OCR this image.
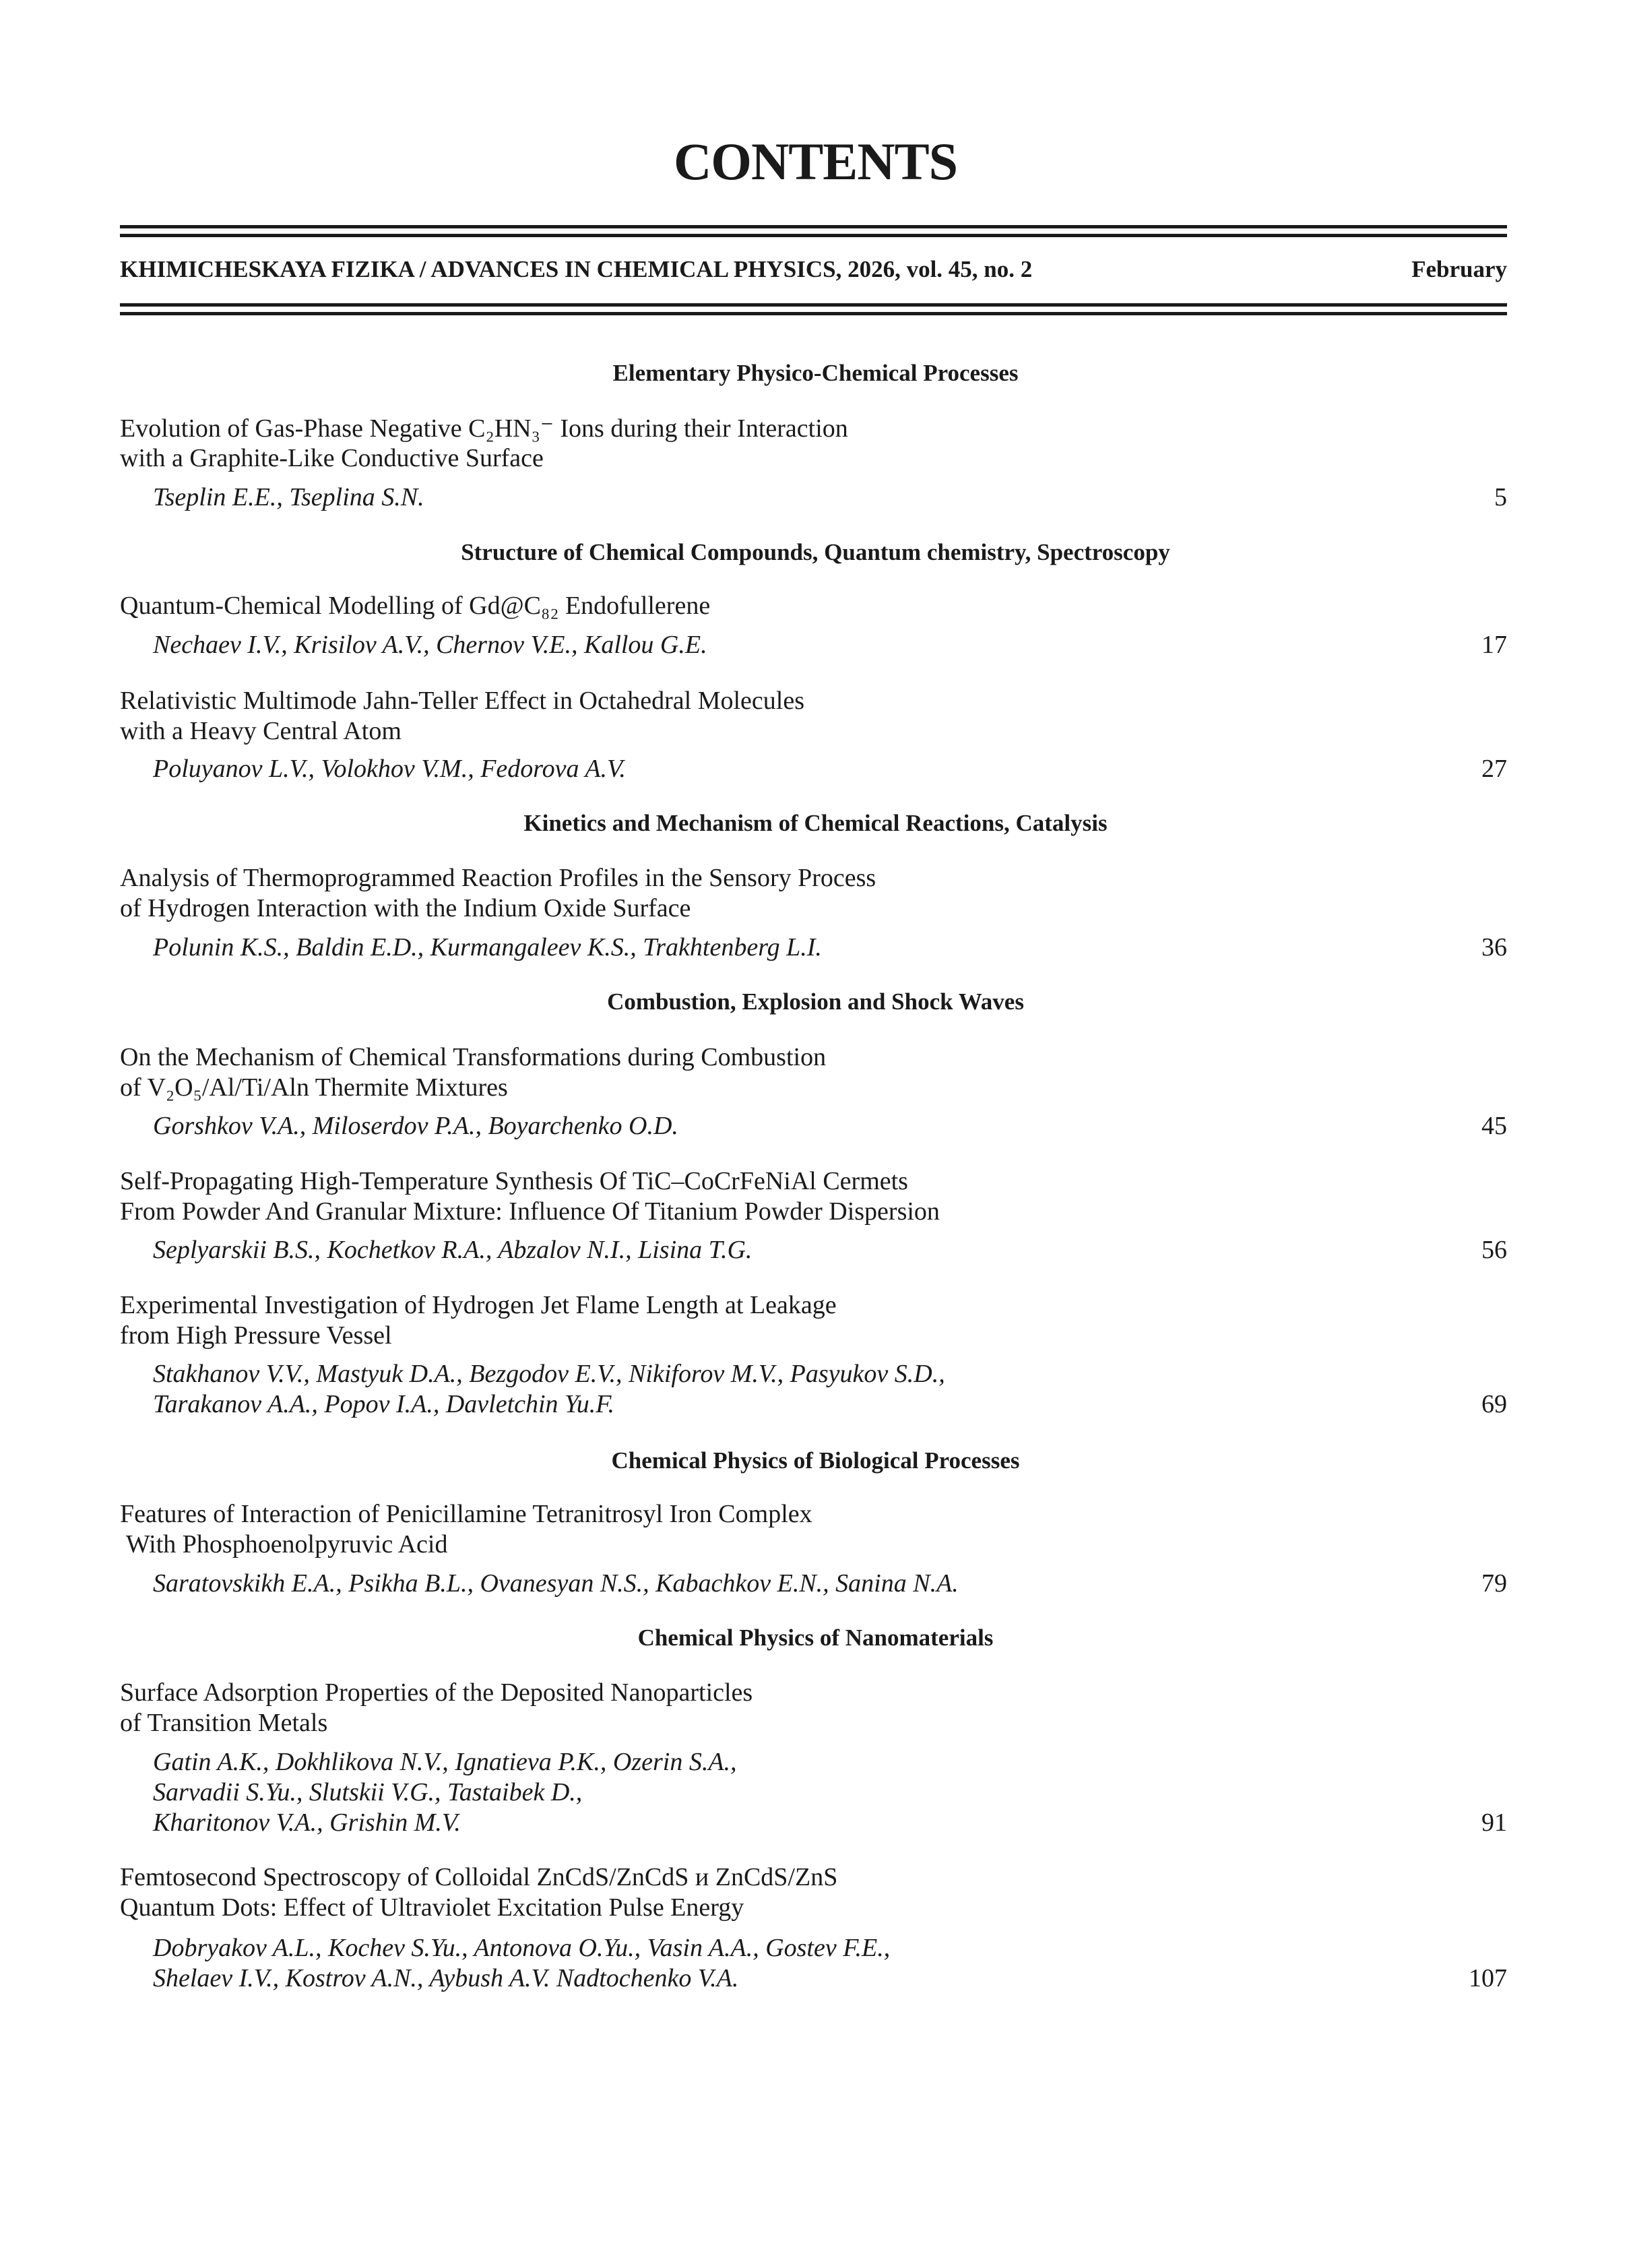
CONTENTS
KHIMICHESKAYA FIZIKA / ADVANCES IN CHEMICAL PHYSICS, 2026, vol. 45, no. 2	February
Elementary Physico-Chemical Processes
Evolution of Gas-Phase Negative C₂HN₃⁻ Ions during their Interaction
with a Graphite-Like Conductive Surface
Tseplin E.E., Tseplina S.N.	5
Structure of Chemical Compounds, Quantum chemistry, Spectroscopy
Quantum-Chemical Modelling of Gd@C₈₂ Endofullerene
Nechaev I.V., Krisilov A.V., Chernov V.E., Kallou G.E.	17
Relativistic Multimode Jahn-Teller Effect in Octahedral Molecules
with a Heavy Central Atom
Poluyanov L.V., Volokhov V.M., Fedorova A.V.	27
Kinetics and Mechanism of Chemical Reactions, Catalysis
Analysis of Thermoprogrammed Reaction Profiles in the Sensory Process
of Hydrogen Interaction with the Indium Oxide Surface
Polunin K.S., Baldin E.D., Kurmangaleev K.S., Trakhtenberg L.I.	36
Combustion, Explosion and Shock Waves
On the Mechanism of Chemical Transformations during Combustion
of V₂O₅/Al/Ti/Aln Thermite Mixtures
Gorshkov V.A., Miloserdov P.A., Boyarchenko O.D.	45
Self-Propagating High-Temperature Synthesis Of TiC–CoCrFeNiAl Cermets
From Powder And Granular Mixture: Influence Of Titanium Powder Dispersion
Seplyarskii B.S., Kochetkov R.A., Abzalov N.I., Lisina T.G.	56
Experimental Investigation of Hydrogen Jet Flame Length at Leakage
from High Pressure Vessel
Stakhanov V.V., Mastyuk D.A., Bezgodov E.V., Nikiforov M.V., Pasyukov S.D.,
Tarakanov A.A., Popov I.A., Davletchin Yu.F.	69
Chemical Physics of Biological Processes
Features of Interaction of Penicillamine Tetranitrosyl Iron Complex
With Phosphoenolpyruvic Acid
Saratovskikh E.A., Psikha B.L., Ovanesyan N.S., Kabachkov E.N., Sanina N.A.	79
Chemical Physics of Nanomaterials
Surface Adsorption Properties of the Deposited Nanoparticles
of Transition Metals
Gatin A.K., Dokhlikova N.V., Ignatieva P.K., Ozerin S.A.,
Sarvadii S.Yu., Slutskii V.G., Tastaibek D.,
Kharitonov V.A., Grishin M.V.	91
Femtosecond Spectroscopy of Colloidal ZnCdS/ZnCdS и ZnCdS/ZnS
Quantum Dots: Effect of Ultraviolet Excitation Pulse Energy
Dobryakov A.L., Kochev S.Yu., Antonova O.Yu., Vasin A.A., Gostev F.E.,
Shelaev I.V., Kostrov A.N., Aybush A.V. Nadtochenko V.A.	107
